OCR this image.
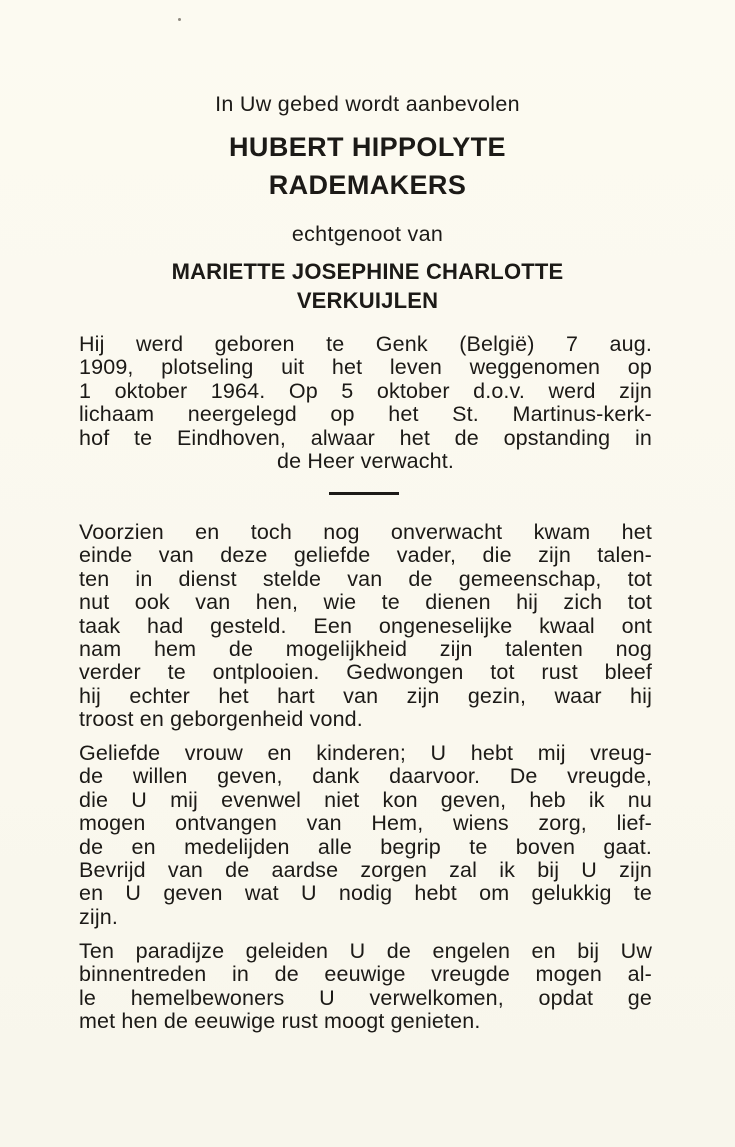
In Uw gebed wordt aanbevolen
HUBERT HIPPOLYTE
RADEMAKERS
echtgenoot van
MARIETTE JOSEPHINE CHARLOTTE
VERKUIJLEN
Hij werd geboren te Genk (België) 7 aug.
1909, plotseling uit het leven weggenomen op
1 oktober 1964. Op 5 oktober d.o.v. werd zijn
lichaam neergelegd op het St. Martinus-kerk-
hof te Eindhoven, alwaar het de opstanding in
de Heer verwacht.
Voorzien en toch nog onverwacht kwam het
einde van deze geliefde vader, die zijn talen-
ten in dienst stelde van de gemeenschap, tot
nut ook van hen, wie te dienen hij zich tot
taak had gesteld. Een ongeneselijke kwaal ont
nam hem de mogelijkheid zijn talenten nog
verder te ontplooien. Gedwongen tot rust bleef
hij echter het hart van zijn gezin, waar hij
troost en geborgenheid vond.
Geliefde vrouw en kinderen; U hebt mij vreug-
de willen geven, dank daarvoor. De vreugde,
die U mij evenwel niet kon geven, heb ik nu
mogen ontvangen van Hem, wiens zorg, lief-
de en medelijden alle begrip te boven gaat.
Bevrijd van de aardse zorgen zal ik bij U zijn
en U geven wat U nodig hebt om gelukkig te
zijn.
Ten paradijze geleiden U de engelen en bij Uw
binnentreden in de eeuwige vreugde mogen al-
le hemelbewoners U verwelkomen, opdat ge
met hen de eeuwige rust moogt genieten.
